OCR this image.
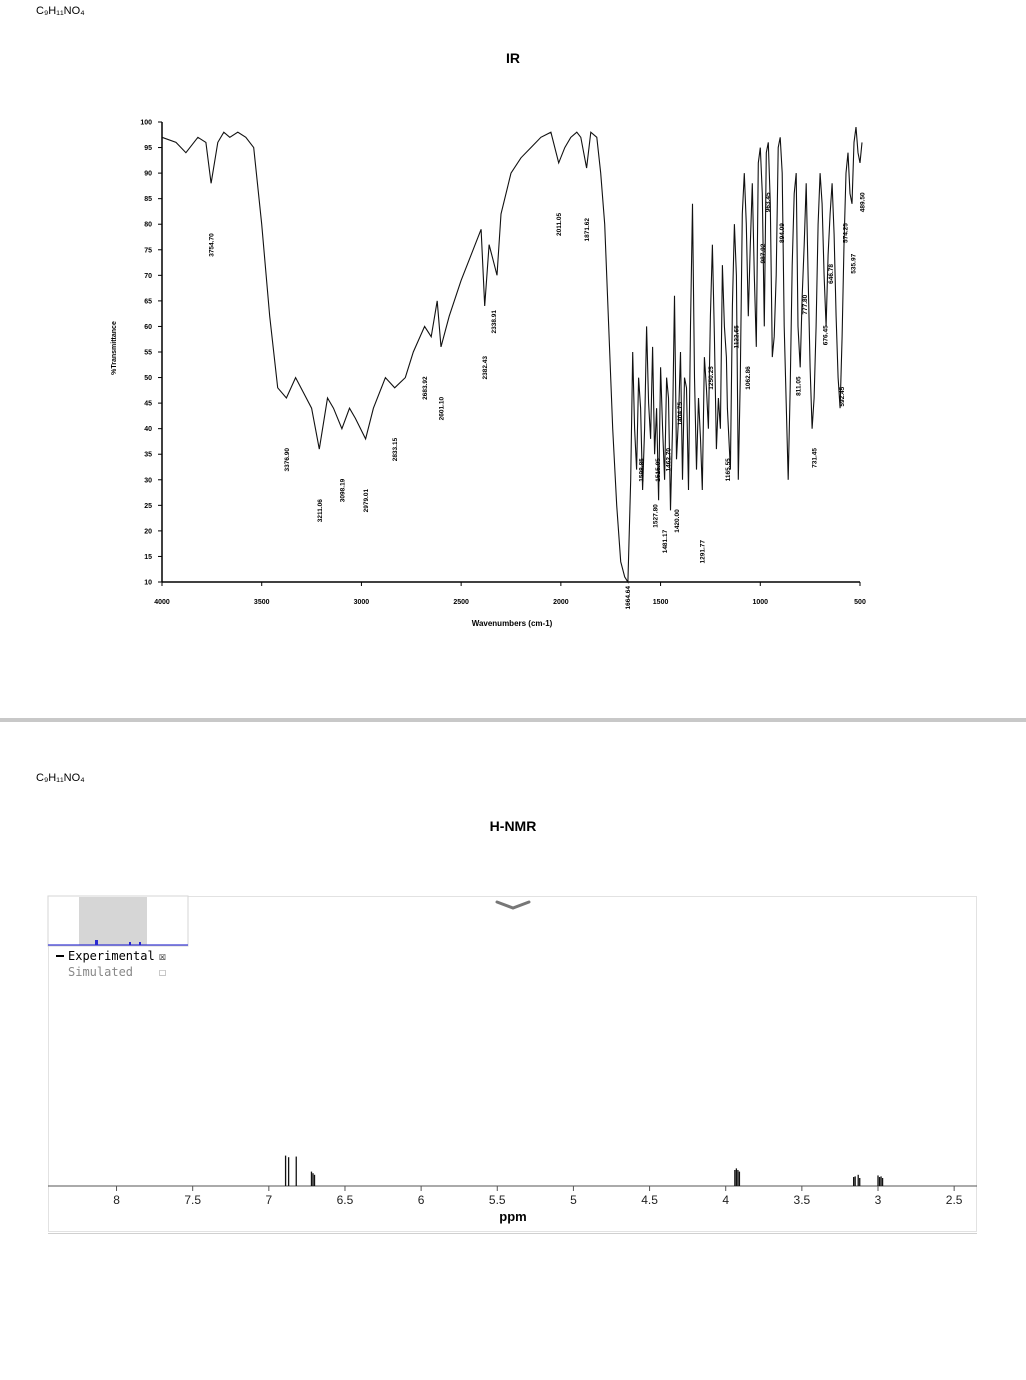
C₉H₁₁NO₄
IR
4000	3500	3000	2500	2000	1500	1000	500
100
95
90
85
80
75
70
65
60
55
50
45
40
35
30
25
20
15
10
3754.70
3376.90
3211.06
3098.19	2979.01
2833.15
2683.92
2601.10
2382.43
2338.91
2011.05	1871.62
1664.64
1598.85
1527.80
1515.05
1481.17
1462.70
1420.00
1404.75
1291.77
1250.25
1165.55
1122.65
1062.86
987.92
963.45
894.09
811.05
777.80
731.45
676.45
646.78
592.45
574.25
535.97
489.50
Wavenumbers (cm-1)
%Transmittance
C₉H₁₁NO₄
H-NMR
8	7.5	7	6.5	6	5.5	5	4.5	4	3.5	3	2.5
Experimental ☒
Simulated ☐
ppm
